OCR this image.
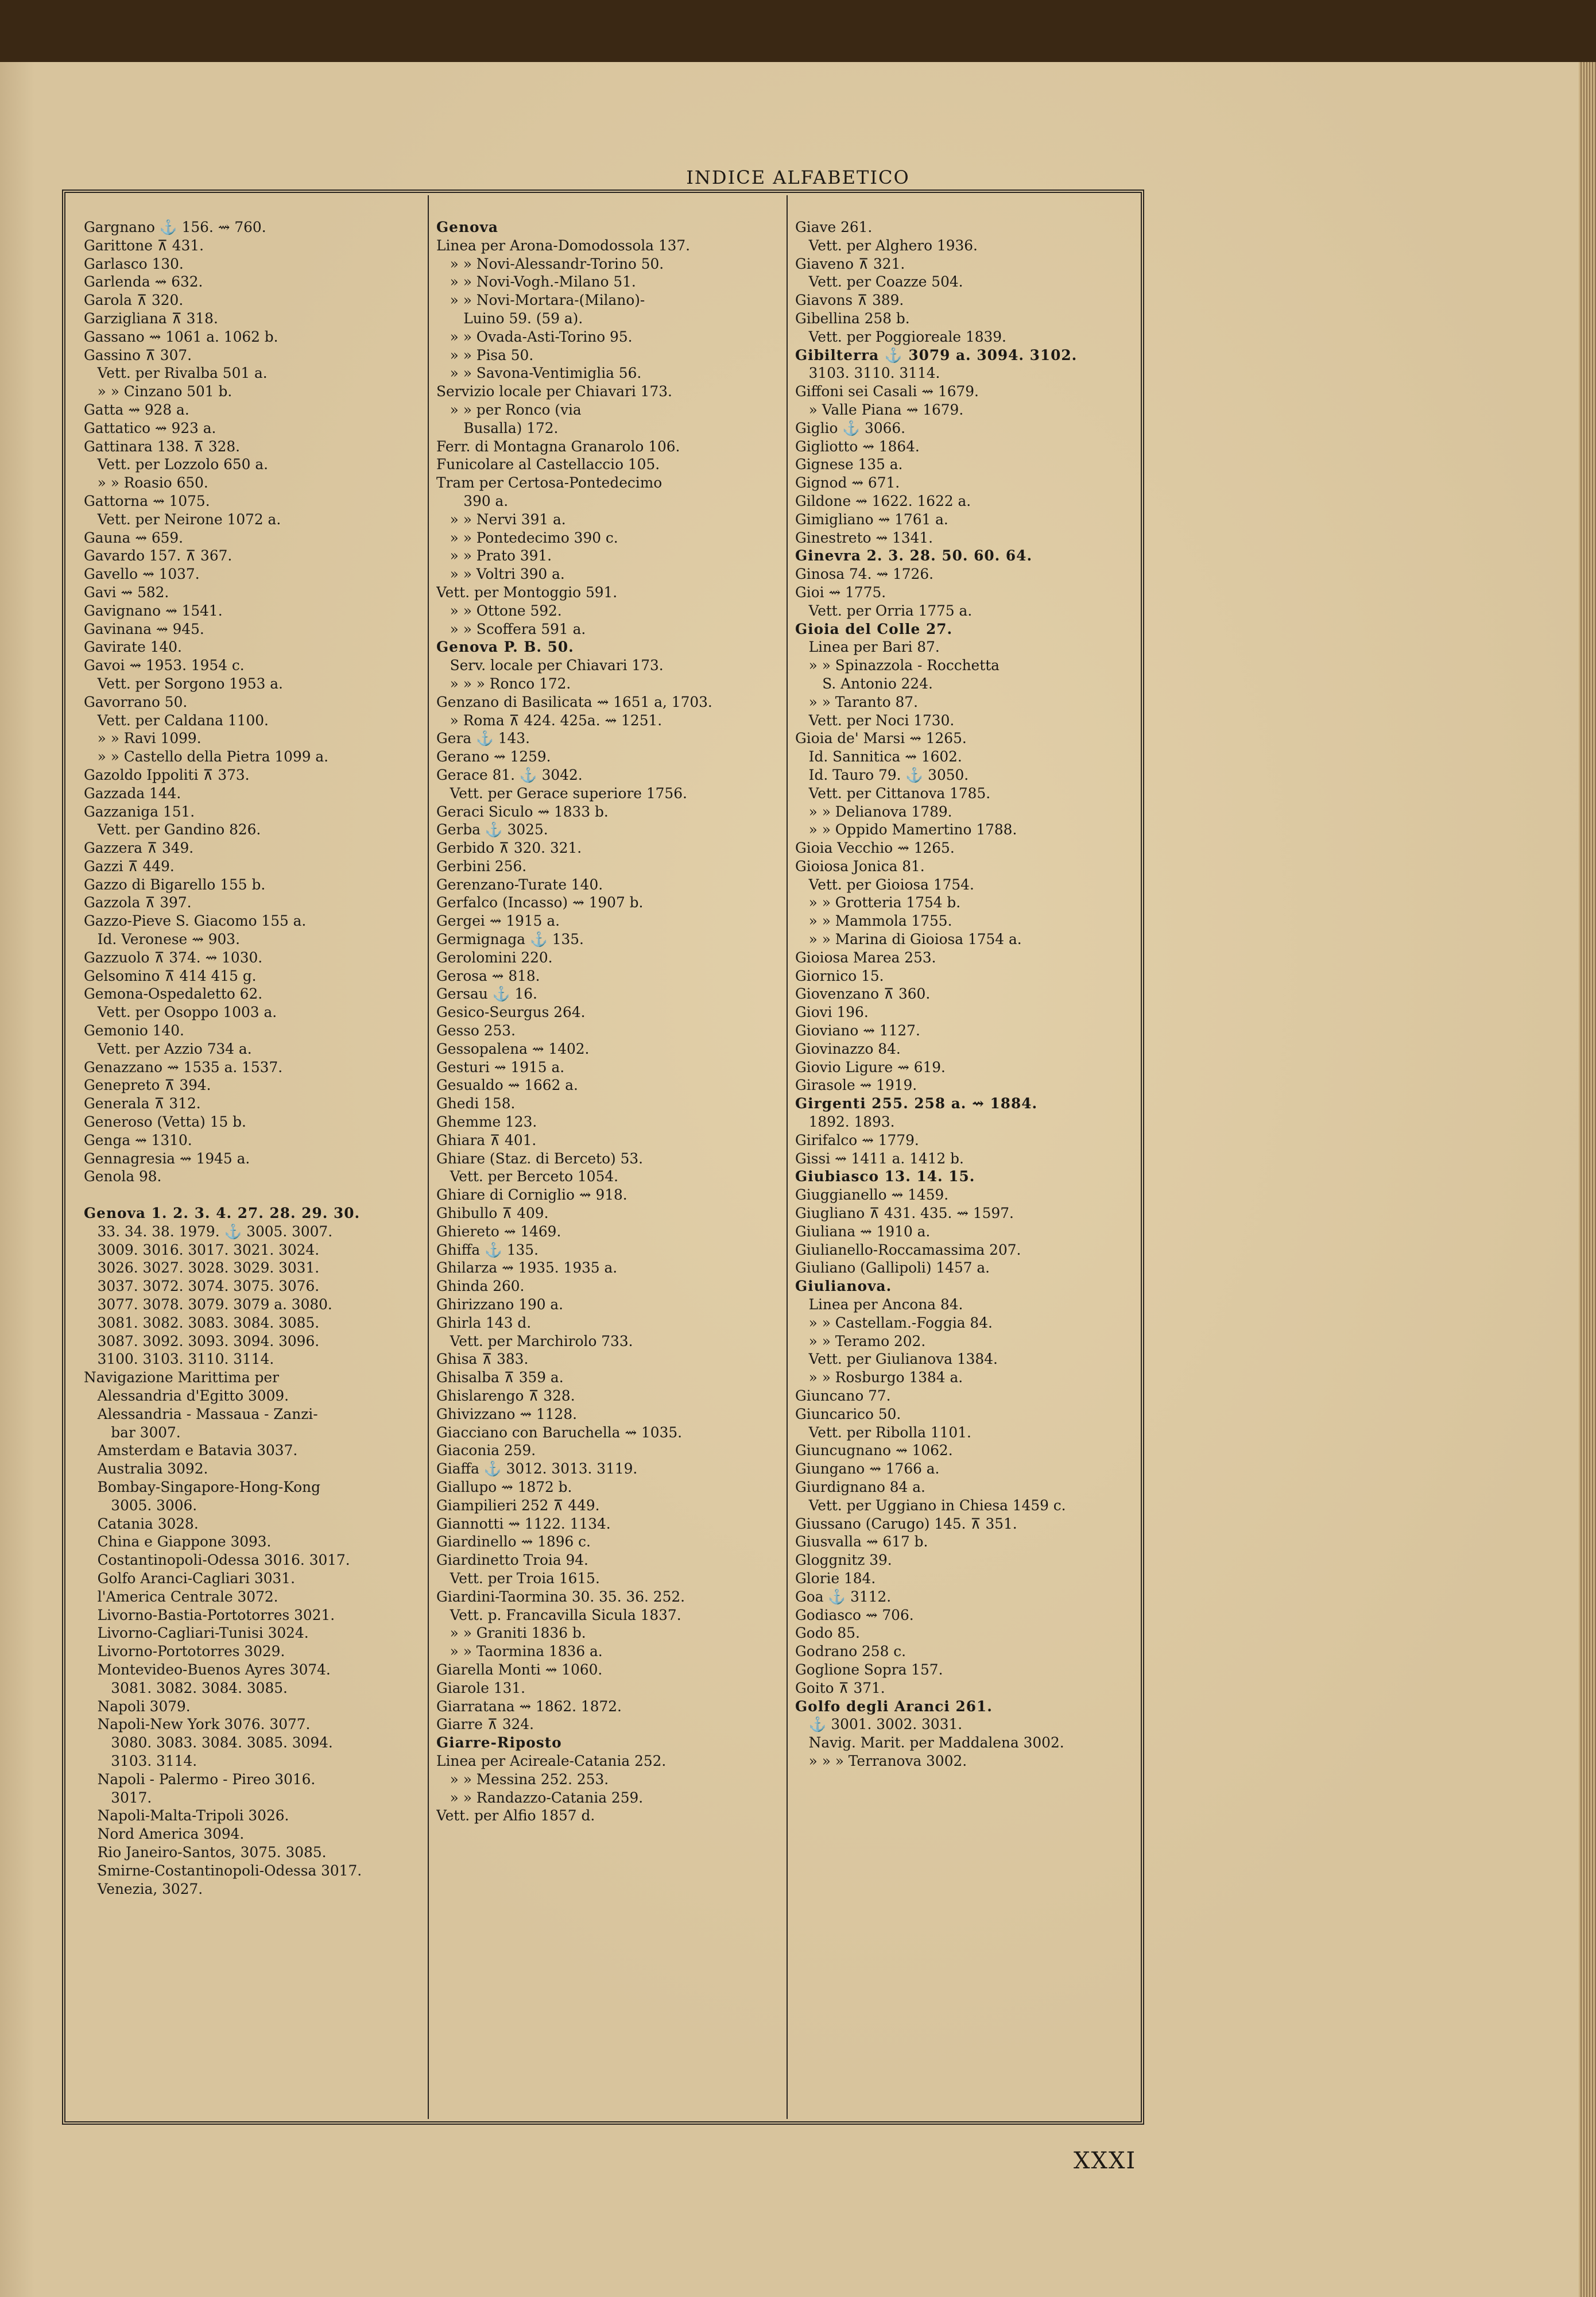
INDICE ALFABETICO
Gargnano ⚓ 156. ⇝ 760.
Garittone ⊼ 431.
Garlasco 130.
Garlenda ⇝ 632.
Garola ⊼ 320.
Garzigliana ⊼ 318.
Gassano ⇝ 1061 a. 1062 b.
Gassino ⊼ 307.
Vett. per Rivalba 501 a.
» » Cinzano 501 b.
Gatta ⇝ 928 a.
Gattatico ⇝ 923 a.
Gattinara 138. ⊼ 328.
Vett. per Lozzolo 650 a.
» » Roasio 650.
Gattorna ⇝ 1075.
Vett. per Neirone 1072 a.
Gauna ⇝ 659.
Gavardo 157. ⊼ 367.
Gavello ⇝ 1037.
Gavi ⇝ 582.
Gavignano ⇝ 1541.
Gavinana ⇝ 945.
Gavirate 140.
Gavoi ⇝ 1953. 1954 c.
Vett. per Sorgono 1953 a.
Gavorrano 50.
Vett. per Caldana 1100.
» » Ravi 1099.
» » Castello della Pietra 1099 a.
Gazoldo Ippoliti ⊼ 373.
Gazzada 144.
Gazzaniga 151.
Vett. per Gandino 826.
Gazzera ⊼ 349.
Gazzi ⊼ 449.
Gazzo di Bigarello 155 b.
Gazzola ⊼ 397.
Gazzo-Pieve S. Giacomo 155 a.
Id. Veronese ⇝ 903.
Gazzuolo ⊼ 374. ⇝ 1030.
Gelsomino ⊼ 414 415 g.
Gemona-Ospedaletto 62.
Vett. per Osoppo 1003 a.
Gemonio 140.
Vett. per Azzio 734 a.
Genazzano ⇝ 1535 a. 1537.
Genepreto ⊼ 394.
Generala ⊼ 312.
Generoso (Vetta) 15 b.
Genga ⇝ 1310.
Gennagresia ⇝ 1945 a.
Genola 98.

Genova 1. 2. 3. 4. 27. 28. 29. 30.
33. 34. 38. 1979. ⚓ 3005. 3007.
3009. 3016. 3017. 3021. 3024.
3026. 3027. 3028. 3029. 3031.
3037. 3072. 3074. 3075. 3076.
3077. 3078. 3079. 3079 a. 3080.
3081. 3082. 3083. 3084. 3085.
3087. 3092. 3093. 3094. 3096.
3100. 3103. 3110. 3114.
Navigazione Marittima per
Alessandria d'Egitto 3009.
Alessandria - Massaua - Zanzi-
bar 3007.
Amsterdam e Batavia 3037.
Australia 3092.
Bombay-Singapore-Hong-Kong
3005. 3006.
Catania 3028.
China e Giappone 3093.
Costantinopoli-Odessa 3016. 3017.
Golfo Aranci-Cagliari 3031.
l'America Centrale 3072.
Livorno-Bastia-Portotorres 3021.
Livorno-Cagliari-Tunisi 3024.
Livorno-Portotorres 3029.
Montevideo-Buenos Ayres 3074.
3081. 3082. 3084. 3085.
Napoli 3079.
Napoli-New York 3076. 3077.
3080. 3083. 3084. 3085. 3094.
3103. 3114.
Napoli - Palermo - Pireo 3016.
3017.
Napoli-Malta-Tripoli 3026.
Nord America 3094.
Rio Janeiro-Santos, 3075. 3085.
Smirne-Costantinopoli-Odessa 3017.
Venezia, 3027.
Genova
Linea per Arona-Domodossola 137.
» » Novi-Alessandr-Torino 50.
» » Novi-Vogh.-Milano 51.
» » Novi-Mortara-(Milano)-
Luino 59. (59 a).
» » Ovada-Asti-Torino 95.
» » Pisa 50.
» » Savona-Ventimiglia 56.
Servizio locale per Chiavari 173.
» » per Ronco (via
Busalla) 172.
Ferr. di Montagna Granarolo 106.
Funicolare al Castellaccio 105.
Tram per Certosa-Pontedecimo
390 a.
» » Nervi 391 a.
» » Pontedecimo 390 c.
» » Prato 391.
» » Voltri 390 a.
Vett. per Montoggio 591.
» » Ottone 592.
» » Scoffera 591 a.
Genova P. B. 50.
Serv. locale per Chiavari 173.
» » » Ronco 172.
Genzano di Basilicata ⇝ 1651 a, 1703.
» Roma ⊼ 424. 425a. ⇝ 1251.
Gera ⚓ 143.
Gerano ⇝ 1259.
Gerace 81. ⚓ 3042.
Vett. per Gerace superiore 1756.
Geraci Siculo ⇝ 1833 b.
Gerba ⚓ 3025.
Gerbido ⊼ 320. 321.
Gerbini 256.
Gerenzano-Turate 140.
Gerfalco (Incasso) ⇝ 1907 b.
Gergei ⇝ 1915 a.
Germignaga ⚓ 135.
Gerolomini 220.
Gerosa ⇝ 818.
Gersau ⚓ 16.
Gesico-Seurgus 264.
Gesso 253.
Gessopalena ⇝ 1402.
Gesturi ⇝ 1915 a.
Gesualdo ⇝ 1662 a.
Ghedi 158.
Ghemme 123.
Ghiara ⊼ 401.
Ghiare (Staz. di Berceto) 53.
Vett. per Berceto 1054.
Ghiare di Corniglio ⇝ 918.
Ghibullo ⊼ 409.
Ghiereto ⇝ 1469.
Ghiffa ⚓ 135.
Ghilarza ⇝ 1935. 1935 a.
Ghinda 260.
Ghirizzano 190 a.
Ghirla 143 d.
Vett. per Marchirolo 733.
Ghisa ⊼ 383.
Ghisalba ⊼ 359 a.
Ghislarengo ⊼ 328.
Ghivizzano ⇝ 1128.
Giacciano con Baruchella ⇝ 1035.
Giaconia 259.
Giaffa ⚓ 3012. 3013. 3119.
Giallupo ⇝ 1872 b.
Giampilieri 252 ⊼ 449.
Giannotti ⇝ 1122. 1134.
Giardinello ⇝ 1896 c.
Giardinetto Troia 94.
Vett. per Troia 1615.
Giardini-Taormina 30. 35. 36. 252.
Vett. p. Francavilla Sicula 1837.
» » Graniti 1836 b.
» » Taormina 1836 a.
Giarella Monti ⇝ 1060.
Giarole 131.
Giarratana ⇝ 1862. 1872.
Giarre ⊼ 324.
Giarre-Riposto
Linea per Acireale-Catania 252.
» » Messina 252. 253.
» » Randazzo-Catania 259.
Vett. per Alfio 1857 d.
Giave 261.
Vett. per Alghero 1936.
Giaveno ⊼ 321.
Vett. per Coazze 504.
Giavons ⊼ 389.
Gibellina 258 b.
Vett. per Poggioreale 1839.
Gibilterra ⚓ 3079 a. 3094. 3102.
3103. 3110. 3114.
Giffoni sei Casali ⇝ 1679.
» Valle Piana ⇝ 1679.
Giglio ⚓ 3066.
Gigliotto ⇝ 1864.
Gignese 135 a.
Gignod ⇝ 671.
Gildone ⇝ 1622. 1622 a.
Gimigliano ⇝ 1761 a.
Ginestreto ⇝ 1341.
Ginevra 2. 3. 28. 50. 60. 64.
Ginosa 74. ⇝ 1726.
Gioi ⇝ 1775.
Vett. per Orria 1775 a.
Gioia del Colle 27.
Linea per Bari 87.
» » Spinazzola - Rocchetta
S. Antonio 224.
» » Taranto 87.
Vett. per Noci 1730.
Gioia de' Marsi ⇝ 1265.
Id. Sannitica ⇝ 1602.
Id. Tauro 79. ⚓ 3050.
Vett. per Cittanova 1785.
» » Delianova 1789.
» » Oppido Mamertino 1788.
Gioia Vecchio ⇝ 1265.
Gioiosa Jonica 81.
Vett. per Gioiosa 1754.
» » Grotteria 1754 b.
» » Mammola 1755.
» » Marina di Gioiosa 1754 a.
Gioiosa Marea 253.
Giornico 15.
Giovenzano ⊼ 360.
Giovi 196.
Gioviano ⇝ 1127.
Giovinazzo 84.
Giovio Ligure ⇝ 619.
Girasole ⇝ 1919.
Girgenti 255. 258 a. ⇝ 1884.
1892. 1893.
Girifalco ⇝ 1779.
Gissi ⇝ 1411 a. 1412 b.
Giubiasco 13. 14. 15.
Giuggianello ⇝ 1459.
Giugliano ⊼ 431. 435. ⇝ 1597.
Giuliana ⇝ 1910 a.
Giulianello-Roccamassima 207.
Giuliano (Gallipoli) 1457 a.
Giulianova.
Linea per Ancona 84.
» » Castellam.-Foggia 84.
» » Teramo 202.
Vett. per Giulianova 1384.
» » Rosburgo 1384 a.
Giuncano 77.
Giuncarico 50.
Vett. per Ribolla 1101.
Giuncugnano ⇝ 1062.
Giungano ⇝ 1766 a.
Giurdignano 84 a.
Vett. per Uggiano in Chiesa 1459 c.
Giussano (Carugo) 145. ⊼ 351.
Giusvalla ⇝ 617 b.
Gloggnitz 39.
Glorie 184.
Goa ⚓ 3112.
Godiasco ⇝ 706.
Godo 85.
Godrano 258 c.
Goglione Sopra 157.
Goito ⊼ 371.
Golfo degli Aranci 261.
⚓ 3001. 3002. 3031.
Navig. Marit. per Maddalena 3002.
» » » Terranova 3002.
XXXI
